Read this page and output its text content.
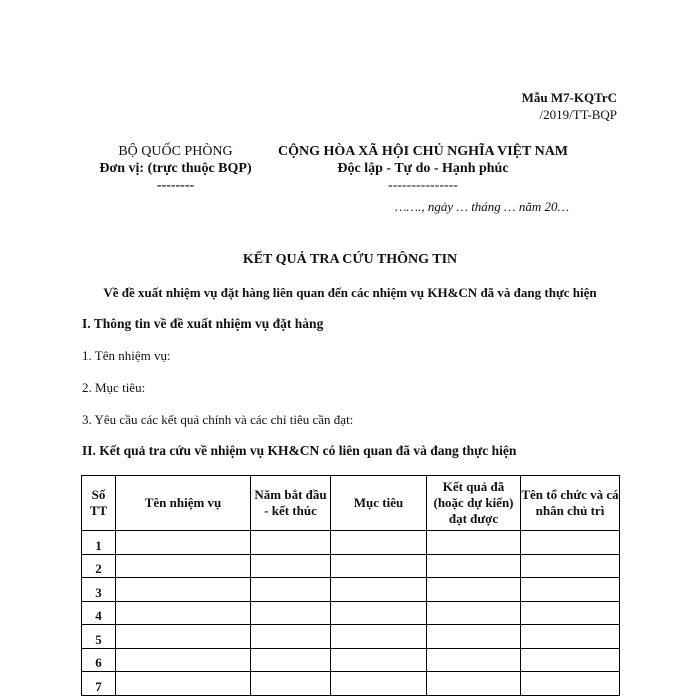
Mẫu M7-KQTrC
/2019/TT-BQP
BỘ QUỐC PHÒNG
Đơn vị: (trực thuộc BQP)
--------
CỘNG HÒA XÃ HỘI CHỦ NGHĨA VIỆT NAM
Độc lập - Tự do - Hạnh phúc
---------------
……., ngày … tháng … năm 20…
KẾT QUẢ TRA CỨU THÔNG TIN
Về đề xuất nhiệm vụ đặt hàng liên quan đến các nhiệm vụ KH&CN đã và đang thực hiện
I. Thông tin về đề xuất nhiệm vụ đặt hàng
1. Tên nhiệm vụ:
2. Mục tiêu:
3. Yêu cầu các kết quả chính và các chỉ tiêu cần đạt:
II. Kết quả tra cứu về nhiệm vụ KH&CN có liên quan đã và đang thực hiện
Số TT	Tên nhiệm vụ	Năm bắt đầu - kết thúc	Mục tiêu	Kết quả đã (hoặc dự kiến) đạt được	Tên tổ chức và cá nhân chủ trì
1					
2					
3					
4					
5					
6					
7					
